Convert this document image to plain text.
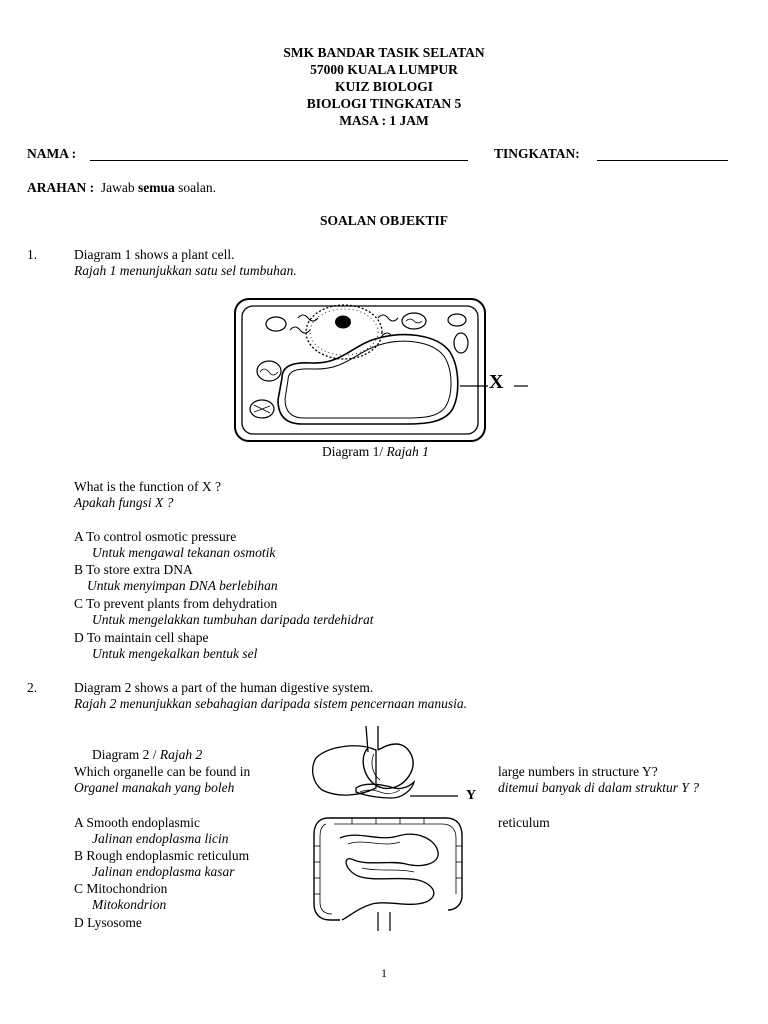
SMK BANDAR TASIK SELATAN
57000 KUALA LUMPUR
KUIZ BIOLOGI
BIOLOGI TINGKATAN 5
MASA : 1 JAM
NAMA :	TINGKATAN:
ARAHAN : Jawab semua soalan.
SOALAN OBJEKTIF
1.	Diagram 1 shows a plant cell.
Rajah 1 menunjukkan satu sel tumbuhan.
X
Diagram 1/ Rajah 1
What is the function of X ?
Apakah fungsi X ?
A To control osmotic pressure
Untuk mengawal tekanan osmotik
B To store extra DNA
Untuk menyimpan DNA berlebihan
C To prevent plants from dehydration
Untuk mengelakkan tumbuhan daripada terdehidrat
D To maintain cell shape
Untuk mengekalkan bentuk sel
2.	Diagram 2 shows a part of the human digestive system.
Rajah 2 menunjukkan sebahagian daripada sistem pencernaan manusia.
Diagram 2 / Rajah 2
Y
Which organelle can be found in	large numbers in structure Y?
Organel manakah yang boleh	ditemui banyak di dalam struktur Y ?
A Smooth endoplasmic	reticulum
Jalinan endoplasma licin
B Rough endoplasmic reticulum
Jalinan endoplasma kasar
C Mitochondrion
Mitokondrion
D Lysosome
1
